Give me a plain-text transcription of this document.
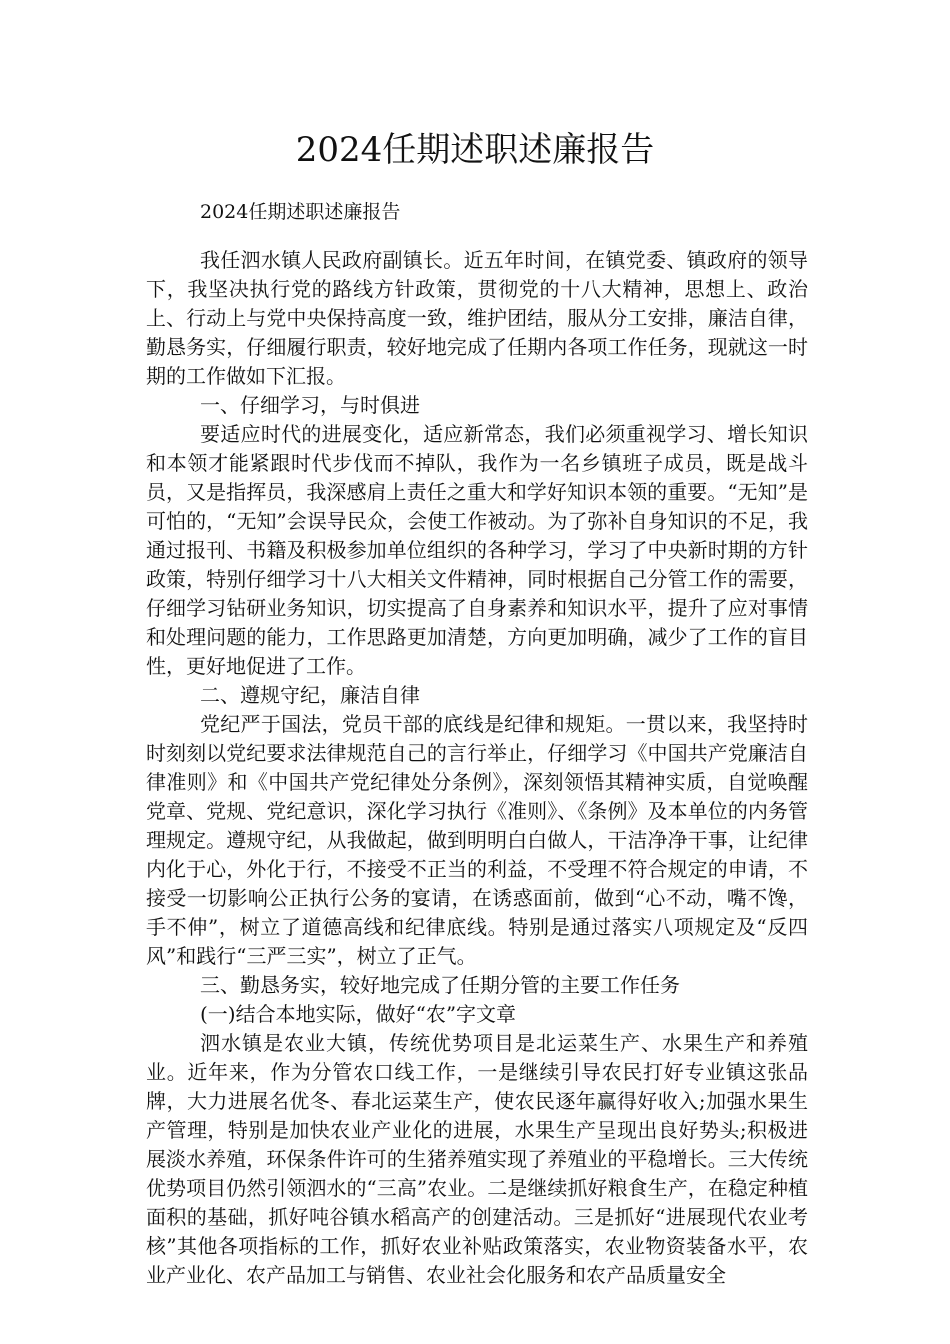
2024任期述职述廉报告

2024任期述职述廉报告

我任泗水镇人民政府副镇长。近五年时间，在镇党委、镇政府的领导下，我坚决执行党的路线方针政策，贯彻党的十八大精神，思想上、政治上、行动上与党中央保持高度一致，维护团结，服从分工安排，廉洁自律，勤恳务实，仔细履行职责，较好地完成了任期内各项工作任务，现就这一时期的工作做如下汇报。

一、仔细学习，与时俱进

要适应时代的进展变化，适应新常态，我们必须重视学习、增长知识和本领才能紧跟时代步伐而不掉队，我作为一名乡镇班子成员，既是战斗员，又是指挥员，我深感肩上责任之重大和学好知识本领的重要。“无知”是可怕的，“无知”会误导民众，会使工作被动。为了弥补自身知识的不足，我通过报刊、书籍及积极参加单位组织的各种学习，学习了中央新时期的方针政策，特别仔细学习十八大相关文件精神，同时根据自己分管工作的需要，仔细学习钻研业务知识，切实提高了自身素养和知识水平，提升了应对事情和处理问题的能力，工作思路更加清楚，方向更加明确，减少了工作的盲目性，更好地促进了工作。

二、遵规守纪，廉洁自律

党纪严于国法，党员干部的底线是纪律和规矩。一贯以来，我坚持时时刻刻以党纪要求法律规范自己的言行举止，仔细学习《中国共产党廉洁自律准则》和《中国共产党纪律处分条例》，深刻领悟其精神实质，自觉唤醒党章、党规、党纪意识，深化学习执行《准则》、《条例》及本单位的内务管理规定。遵规守纪，从我做起，做到明明白白做人，干洁净净干事，让纪律内化于心，外化于行，不接受不正当的利益，不受理不符合规定的申请，不接受一切影响公正执行公务的宴请，在诱惑面前，做到“心不动，嘴不馋，手不伸”，树立了道德高线和纪律底线。特别是通过落实八项规定及“反四风”和践行“三严三实”，树立了正气。

三、勤恳务实，较好地完成了任期分管的主要工作任务

(一)结合本地实际，做好“农”字文章

泗水镇是农业大镇，传统优势项目是北运菜生产、水果生产和养殖业。近年来，作为分管农口线工作，一是继续引导农民打好专业镇这张品牌，大力进展名优冬、春北运菜生产，使农民逐年赢得好收入;加强水果生产管理，特别是加快农业产业化的进展，水果生产呈现出良好势头;积极进展淡水养殖，环保条件许可的生猪养殖实现了养殖业的平稳增长。三大传统优势项目仍然引领泗水的“三高”农业。二是继续抓好粮食生产，在稳定种植面积的基础，抓好吨谷镇水稻高产的创建活动。三是抓好“进展现代农业考核”其他各项指标的工作，抓好农业补贴政策落实，农业物资装备水平，农业产业化、农产品加工与销售、农业社会化服务和农产品质量安全
